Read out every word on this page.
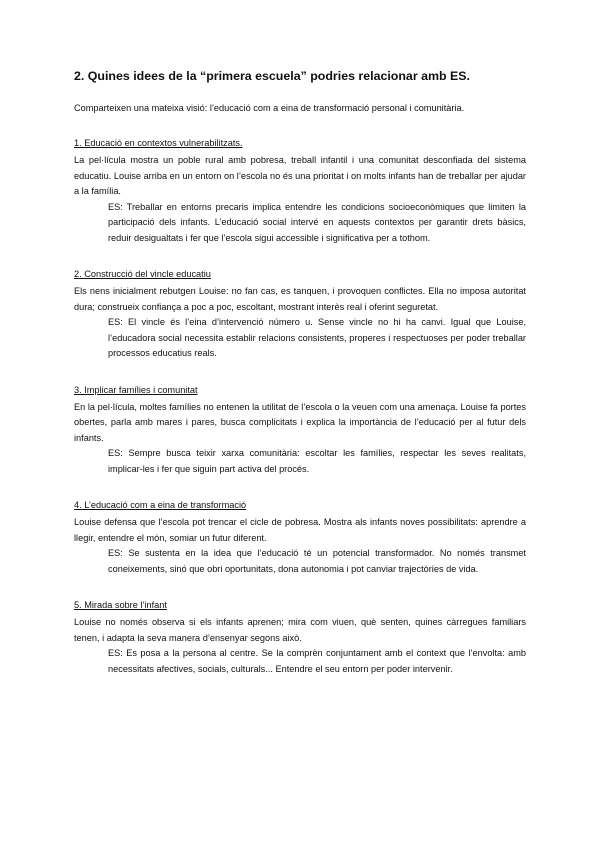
2. Quines idees de la “primera escuela” podries relacionar amb ES.

Comparteixen una mateixa visió: l’educació com a eina de transformació personal i comunitària.

1. Educació en contextos vulnerabilitzats.

La pel·lícula mostra un poble rural amb pobresa, treball infantil i una comunitat desconfiada del sistema educatiu. Louise arriba en un entorn on l’escola no és una prioritat i on molts infants han de treballar per ajudar a la família.

ES: Treballar en entorns precaris implica entendre les condicions socioeconòmiques que limiten la participació dels infants. L’educació social intervé en aquests contextos per garantir drets bàsics, reduir desigualtats i fer que l’escola sigui accessible i significativa per a tothom.

2. Construcció del vincle educatiu

Els nens inicialment rebutgen Louise: no fan cas, es tanquen, i provoquen conflictes. Ella no imposa autoritat dura; construeix confiança a poc a poc, escoltant, mostrant interès real i oferint seguretat.

ES: El vincle és l’eina d’intervenció número u. Sense vincle no hi ha canvi. Igual que Louise, l’educadora social necessita establir relacions consistents, properes i respectuoses per poder treballar processos educatius reals.

3. Implicar famílies i comunitat

En la pel·lícula, moltes famílies no entenen la utilitat de l’escola o la veuen com una amenaça. Louise fa portes obertes, parla amb mares i pares, busca complicitats i explica la importància de l’educació per al futur dels infants.

ES: Sempre busca teixir xarxa comunitària: escoltar les famílies, respectar les seves realitats, implicar-les i fer que siguin part activa del procés.

4. L’educació com a eina de transformació

Louise defensa que l’escola pot trencar el cicle de pobresa. Mostra als infants noves possibilitats: aprendre a llegir, entendre el món, somiar un futur diferent.

ES: Se sustenta en la idea que l’educació té un potencial transformador. No només transmet coneixements, sinó que obri oportunitats, dona autonomia i pot canviar trajectòries de vida.

5. Mirada sobre l’infant

Louise no només observa si els infants aprenen; mira com viuen, què senten, quines càrregues familiars tenen, i adapta la seva manera d’ensenyar segons això.

ES: Es posa a la persona al centre. Se la comprèn conjuntament amb el context que l’envolta: amb necessitats afectives, socials, culturals... Entendre el seu entorn per poder intervenir.
